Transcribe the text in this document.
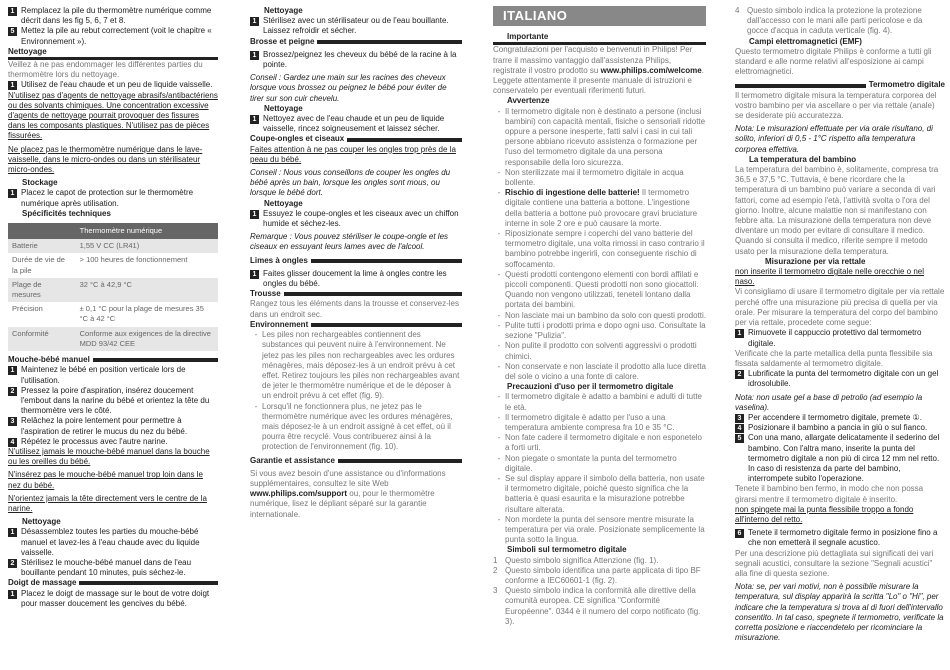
1 Remplacez la pile du thermomètre numérique comme décrit dans les fig 5, 6, 7 et 8.
5 Mettez la pile au rebut correctement (voit le chapitre « Environnement »).
Nettoyage

Veillez à ne pas endommager les différentes parties du thermomètre lors du nettoyage.

1 Utilisez de l'eau chaude et un peu de liquide vaisselle.

N'utilisez pas d'agents de nettoyage abrasifs/antibactériens ou des solvants chimiques. Une concentration excessive d'agents de nettoyage pourrait provoquer des fissures dans les composants plastiques. N'utilisez pas de pièces fissurées.

Ne placez pas le thermomètre numérique dans le lave-vaisselle, dans le micro-ondes ou dans un stérilisateur micro-ondes.

Stockage
1 Placez le capot de protection sur le thermomètre numérique après utilisation.
Spécificités techniques
	Thermomètre numérique
Batterie	1,55 V CC (LR41)
Durée de vie de la pile	> 100 heures de fonctionnement
Plage de mesures	32 °C à 42,9 °C
Précision	± 0,1 °C pour la plage de mesures 35 °C à 42 °C
Conformité	Conforme aux exigences de la directive MDD 93/42 CEE
Mouche-bébé manuel
1 Maintenez le bébé en position verticale lors de l'utilisation.
2 Pressez la poire d'aspiration, insérez doucement l'embout dans la narine du bébé et orientez la tête du thermomètre vers le côté.
3 Relâchez la poire lentement pour permettre à l'aspiration de retirer le mucus du nez du bébé.
4 Répétez le processus avec l'autre narine.

N'utilisez jamais le mouche-bébé manuel dans la bouche ou les oreilles du bébé.

N'insérez pas le mouche-bébé manuel trop loin dans le nez du bébé.

N'orientez jamais la tête directement vers le centre de la narine.

Nettoyage
1 Désassemblez toutes les parties du mouche-bébé manuel et lavez-les à l'eau chaude avec du liquide vaisselle.
2 Stérilisez le mouche-bébé manuel dans de l'eau bouillante pendant 10 minutes, puis séchez-le.
Doigt de massage
1 Placez le doigt de massage sur le bout de votre doigt pour masser doucement les gencives du bébé.
Nettoyage
1 Stérilisez avec un stérilisateur ou de l'eau bouillante. Laissez refroidir et sécher.
Brosse et peigne
1 Brossez/peignez les cheveux du bébé de la racine à la pointe.

Conseil : Gardez une main sur les racines des cheveux lorsque vous brossez ou peignez le bébé pour éviter de tirer sur son cuir chevelu.

Nettoyage
1 Nettoyez avec de l'eau chaude et un peu de liquide vaisselle, rincez soigneusement et laissez sécher.
Coupe-ongles et ciseaux

Faites attention à ne pas couper les ongles trop près de la peau du bébé.

Conseil : Nous vous conseillons de couper les ongles du bébé après un bain, lorsque les ongles sont mous, ou lorsque le bébé dort.

Nettoyage
1 Essuyez le coupe-ongles et les ciseaux avec un chiffon humide et séchez-les.

Remarque : Vous pouvez stériliser le coupe-ongle et les ciseaux en essuyant leurs lames avec de l'alcool.

Limes à ongles
1 Faites glisser doucement la lime à ongles contre les ongles du bébé.
Trousse

Rangez tous les éléments dans la trousse et conservez-les dans un endroit sec.

Environnement
- Les piles non rechargeables contiennent des substances qui peuvent nuire à l'environnement. Ne jetez pas les piles non rechargeables avec les ordures ménagères, mais déposez-les à un endroit prévu à cet effet. Retirez toujours les piles non rechargeables avant de jeter le thermomètre numérique et de le déposer à un endroit prévu à cet effet (fig. 9).
- Lorsqu'il ne fonctionnera plus, ne jetez pas le thermomètre numérique avec les ordures ménagères, mais déposez-le à un endroit assigné à cet effet, où il pourra être recyclé. Vous contribuerez ainsi à la protection de l'environnement (fig. 10).
Garantie et assistance

Si vous avez besoin d'une assistance ou d'informations supplémentaires, consultez le site Web www.philips.com/support ou, pour le thermomètre numérique, lisez le dépliant séparé sur la garantie internationale.

ITALIANO
Importante

Congratulazioni per l'acquisto e benvenuti in Philips! Per trarre il massimo vantaggio dall'assistenza Philips, registrate il vostro prodotto su www.philips.com/welcome. Leggete attentamente il presente manuale di istruzioni e conservatelo per eventuali riferimenti futuri.

Avvertenze
- Il termometro digitale non è destinato a persone (inclusi bambini) con capacità mentali, fisiche o sensoriali ridotte oppure a persone inesperte, fatti salvi i casi in cui tali persone abbiano ricevuto assistenza o formazione per l'uso del termometro digitale da una persona responsabile della loro sicurezza.
- Non sterilizzate mai il termometro digitale in acqua bollente.
- Rischio di ingestione delle batterie! Il termometro digitale contiene una batteria a bottone. L'ingestione della batteria a bottone può provocare gravi bruciature interne in sole 2 ore e può causare la morte.
- Riposizionate sempre i coperchi del vano batterie del termometro digitale, una volta rimossi in caso contrario il bambino potrebbe ingerirli, con conseguente rischio di soffocamento.
- Questi prodotti contengono elementi con bordi affilati e piccoli componenti. Questi prodotti non sono giocattoli. Quando non vengono utilizzati, teneteli lontano dalla portata dei bambini.
- Non lasciate mai un bambino da solo con questi prodotti.
- Pulite tutti i prodotti prima e dopo ogni uso. Consultate la sezione "Pulizia".
- Non pulite il prodotto con solventi aggressivi o prodotti chimici.
- Non conservate e non lasciate il prodotto alla luce diretta del sole o vicino a una fonte di calore.
Precauzioni d'uso per il termometro digitale
- Il termometro digitale è adatto a bambini e adulti di tutte le età.
- Il termometro digitale è adatto per l'uso a una temperatura ambiente compresa fra 10 e 35 °C.
- Non fate cadere il termometro digitale e non esponetelo a forti urti.
- Non piegate o smontate la punta del termometro digitale.
- Se sul display appare il simbolo della batteria, non usate il termometro digitale, poiché questo significa che la batteria è quasi esaurita e la misurazione potrebbe risultare alterata.
- Non mordete la punta del sensore mentre misurate la temperatura per via orale. Posizionate semplicemente la punta sotto la lingua.
Simboli sul termometro digitale
1 Questo simbolo significa Attenzione (fig. 1).
2 Questo simbolo identifica una parte applicata di tipo BF conforme a IEC60601-1 (fig. 2).
3 Questo simbolo indica la conformità alle direttive della comunità europea. CE significa "Conformité Européenne". 0344 è il numero del corpo notificato (fig. 3).
4 Questo simbolo indica la protezione la protezione dall'accesso con le mani alle parti pericolose e da gocce d'acqua in caduta verticale (fig. 4).
Campi elettromagnetici (EMF)

Questo termometro digitale Philips è conforme a tutti gli standard e alle norme relativi all'esposizione ai campi elettromagnetici.

Termometro digitale

Il termometro digitale misura la temperatura corporea del vostro bambino per via ascellare o per via rettale (anale) se desiderate più accuratezza.

Nota: Le misurazioni effettuate per via orale risultano, di solito, inferiori di 0,5 - 1°C rispetto alla temperatura corporea effettiva.

La temperatura del bambino

La temperatura del bambino è, solitamente, compresa tra 36,5 e 37,5 °C. Tuttavia, è bene ricordare che la temperatura di un bambino può variare a seconda di vari fattori, come ad esempio l'età, l'attività svolta o l'ora del giorno. Inoltre, alcune malattie non si manifestano con febbre alta. La misurazione della temperatura non deve diventare un modo per evitare di consultare il medico. Quando si consulta il medico, riferite sempre il metodo usato per la misurazione della temperatura.

Misurazione per via rettale

non inserite il termometro digitale nelle orecchie o nel naso.

Vi consigliamo di usare il termometro digitale per via rettale perché offre una misurazione più precisa di quella per via orale. Per misurare la temperatura del corpo del bambino per via rettale, procedete come segue:

1 Rimuovete il cappuccio protettivo dal termometro digitale.

Verificate che la parte metallica della punta flessibile sia fissata saldamente al termometro digitale.

2 Lubrificate la punta del termometro digitale con un gel idrosolubile.

Nota: non usate gel a base di petrolio (ad esempio la vaselina).

3 Per accendere il termometro digitale, premete ①.
4 Posizionare il bambino a pancia in giù o sul fianco.
5 Con una mano, allargate delicatamente il sederino del bambino. Con l'altra mano, inserite la punta del termometro digitale a non più di circa 12 mm nel retto. In caso di resistenza da parte del bambino, interrompete subito l'operazione.

Tenete il bambino ben fermo, in modo che non possa girarsi mentre il termometro digitale è inserito.

non spingete mai la punta flessibile troppo a fondo all'interno del retto.

6 Tenete il termometro digitale fermo in posizione fino a che non emetterà il segnale acustico.

Per una descrizione più dettagliata sui significati dei vari segnali acustici, consultare la sezione "Segnali acustici" alla fine di questa sezione.

Nota: se, per vari motivi, non è possibile misurare la temperatura, sul display apparirà la scritta "Lo" o "Hi", per indicare che la temperatura si trova al di fuori dell'intervallo consentito. In tal caso, spegnete il termometro, verificate la corretta posizione e riaccendetelo per ricominciare la misurazione.
